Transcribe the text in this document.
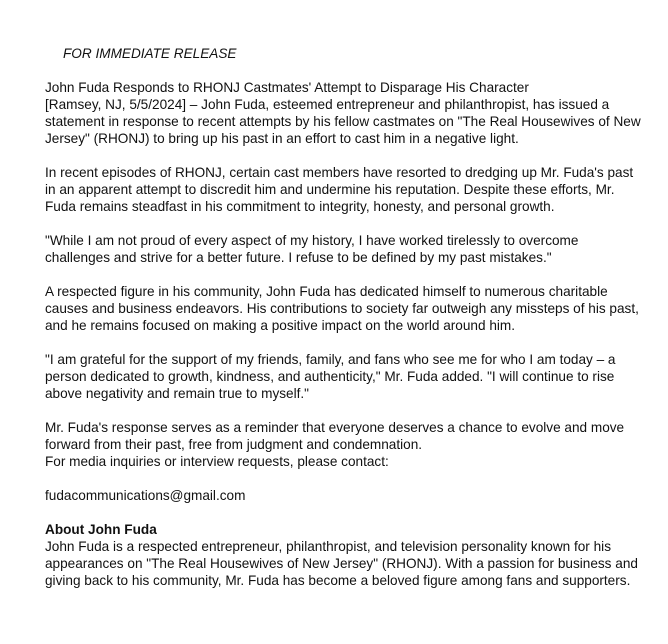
FOR IMMEDIATE RELEASE
John Fuda Responds to RHONJ Castmates' Attempt to Disparage His Character

[Ramsey, NJ, 5/5/2024] – John Fuda, esteemed entrepreneur and philanthropist, has issued a statement in response to recent attempts by his fellow castmates on "The Real Housewives of New Jersey" (RHONJ) to bring up his past in an effort to cast him in a negative light.

In recent episodes of RHONJ, certain cast members have resorted to dredging up Mr. Fuda's past in an apparent attempt to discredit him and undermine his reputation. Despite these efforts, Mr. Fuda remains steadfast in his commitment to integrity, honesty, and personal growth.

"While I am not proud of every aspect of my history, I have worked tirelessly to overcome challenges and strive for a better future. I refuse to be defined by my past mistakes."

A respected figure in his community, John Fuda has dedicated himself to numerous charitable causes and business endeavors. His contributions to society far outweigh any missteps of his past, and he remains focused on making a positive impact on the world around him.

"I am grateful for the support of my friends, family, and fans who see me for who I am today – a person dedicated to growth, kindness, and authenticity," Mr. Fuda added. "I will continue to rise above negativity and remain true to myself."

Mr. Fuda's response serves as a reminder that everyone deserves a chance to evolve and move forward from their past, free from judgment and condemnation.

For media inquiries or interview requests, please contact:

fudacommunications@gmail.com

About John Fuda

John Fuda is a respected entrepreneur, philanthropist, and television personality known for his appearances on "The Real Housewives of New Jersey" (RHONJ). With a passion for business and giving back to his community, Mr. Fuda has become a beloved figure among fans and supporters.
